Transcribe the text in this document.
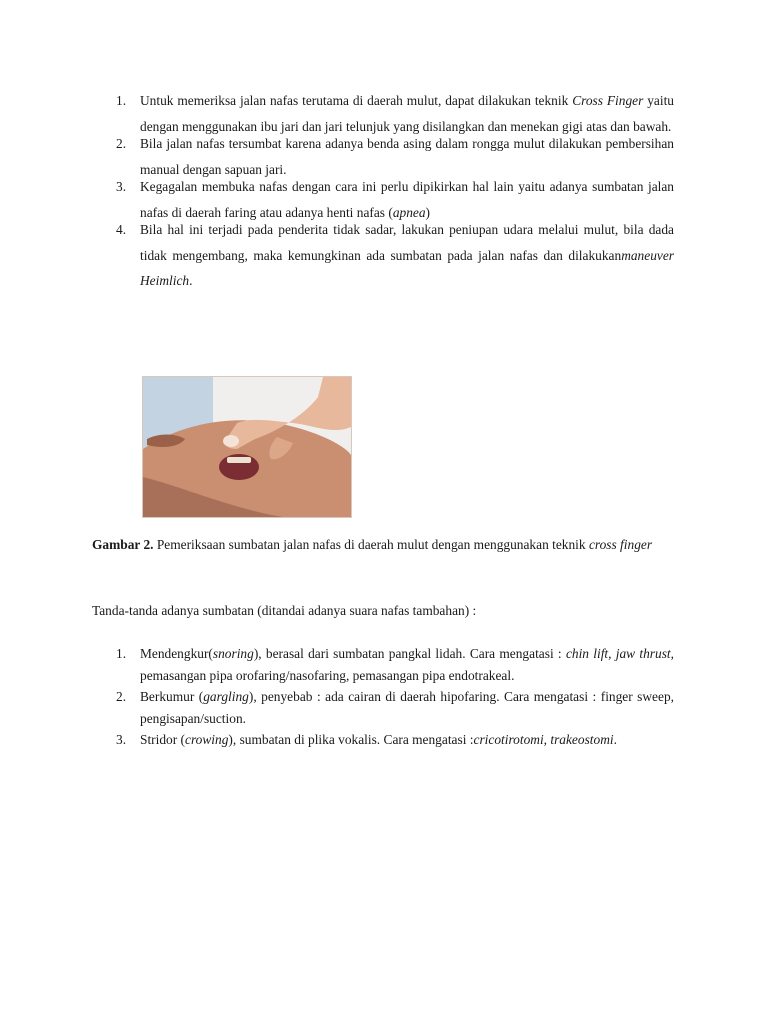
1. Untuk memeriksa jalan nafas terutama di daerah mulut, dapat dilakukan teknik Cross Finger yaitu dengan menggunakan ibu jari dan jari telunjuk yang disilangkan dan menekan gigi atas dan bawah.
2. Bila jalan nafas tersumbat karena adanya benda asing dalam rongga mulut dilakukan pembersihan manual dengan sapuan jari.
3. Kegagalan membuka nafas dengan cara ini perlu dipikirkan hal lain yaitu adanya sumbatan jalan nafas di daerah faring atau adanya henti nafas (apnea)
4. Bila hal ini terjadi pada penderita tidak sadar, lakukan peniupan udara melalui mulut, bila dada tidak mengembang, maka kemungkinan ada sumbatan pada jalan nafas dan dilakukanmaneuver Heimlich.
Gambar 2. Pemeriksaan sumbatan jalan nafas di daerah mulut dengan menggunakan teknik cross finger
Tanda-tanda adanya sumbatan (ditandai adanya suara nafas tambahan) :
1. Mendengkur(snoring), berasal dari sumbatan pangkal lidah. Cara mengatasi : chin lift, jaw thrust, pemasangan pipa orofaring/nasofaring, pemasangan pipa endotrakeal.
2. Berkumur (gargling), penyebab : ada cairan di daerah hipofaring. Cara mengatasi : finger sweep, pengisapan/suction.
3. Stridor (crowing), sumbatan di plika vokalis. Cara mengatasi :cricotirotomi, trakeostomi.
